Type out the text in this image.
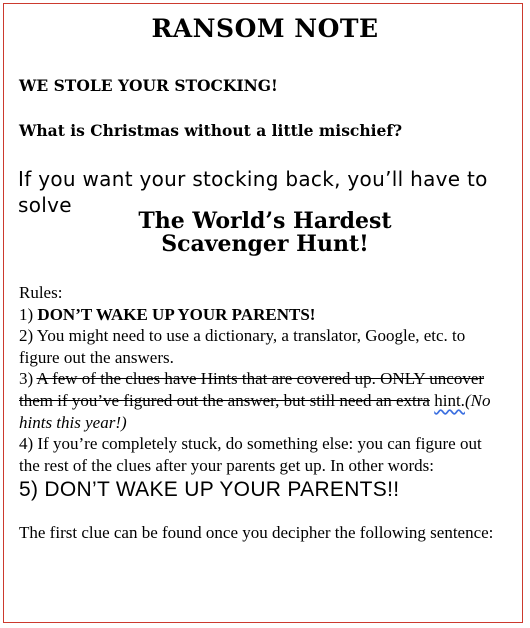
RANSOM NOTE
WE STOLE YOUR STOCKING!
What is Christmas without a little mischief?
If you want your stocking back, you’ll have to solve
The World’s Hardest
Scavenger Hunt!

Rules:

1) DON’T WAKE UP YOUR PARENTS!

2) You might need to use a dictionary, a translator, Google, etc. to figure out the answers.

3) A few of the clues have Hints that are covered up. ONLY uncover them if you’ve figured out the answer, but still need an extra hint.(No hints this year!)

4) If you’re completely stuck, do something else: you can figure out the rest of the clues after your parents get up. In other words:

5) DON’T WAKE UP YOUR PARENTS!!

The first clue can be found once you decipher the following sentence:
